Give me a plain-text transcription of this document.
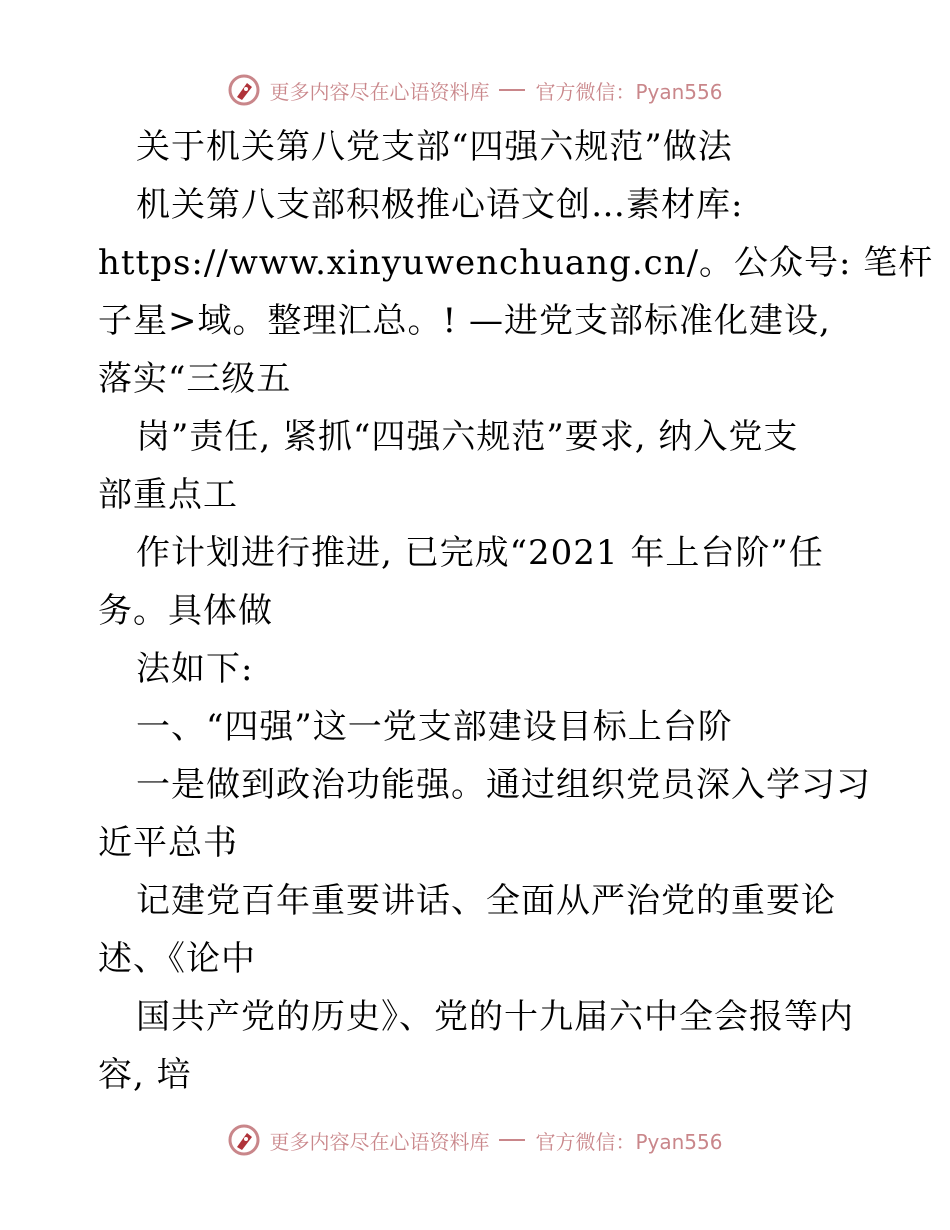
更多内容尽在心语资料库 官方微信：Pyan556
关于机关第八党支部“四强六规范”做法
机关第八支部积极推心语文创…素材库:
https://www.xinyuwenchuang.cn/。公众号: 笔杆
子星>域。整理汇总。! —进党支部标准化建设,
落实“三级五
岗”责任, 紧抓“四强六规范”要求, 纳入党支
部重点工
作计划进行推进, 已完成“2021 年上台阶”任
务。具体做
法如下:
一、“四强”这一党支部建设目标上台阶
一是做到政治功能强。通过组织党员深入学习习
近平总书
记建党百年重要讲话、全面从严治党的重要论
述、《论中
国共产党的历史》、党的十九届六中全会报等内
容, 培
更多内容尽在心语资料库 官方微信：Pyan556
